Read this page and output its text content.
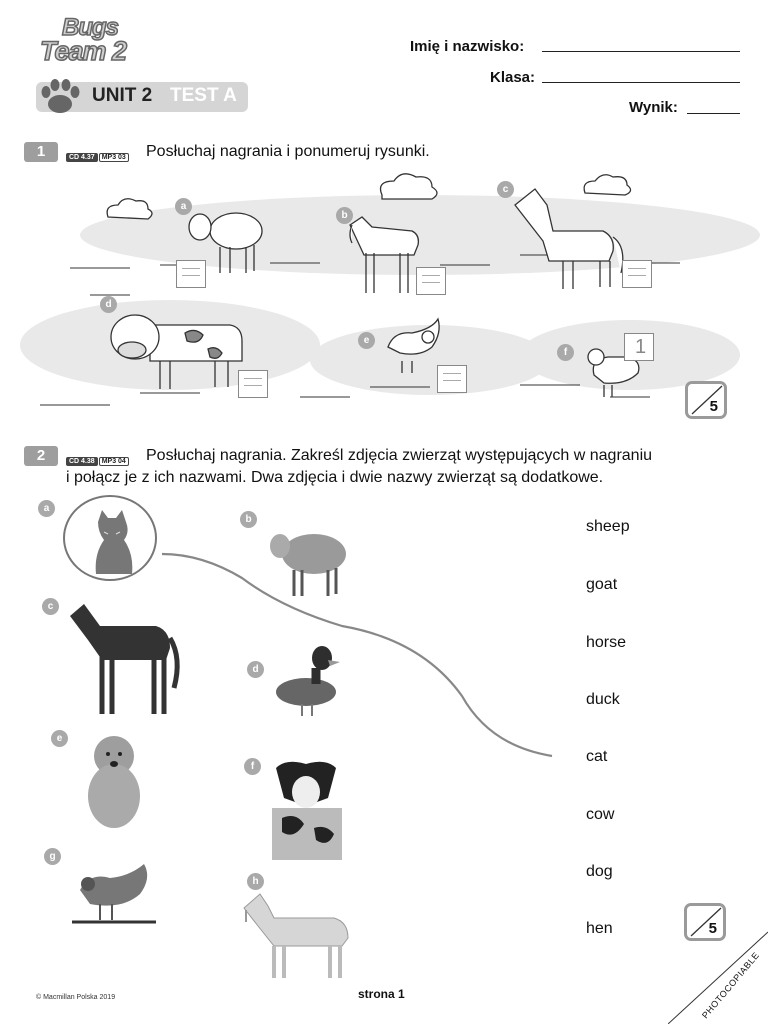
Bugs
Team 2
UNIT 2 TEST A
Imię i nazwisko:
Klasa:
Wynik:
1	CD 4.37 MP3 03 Posłuchaj nagrania i ponumeruj rysunki.
a
b
c
d
e
f	1
5
2	CD 4.38 MP3 04 Posłuchaj nagrania. Zakreśl zdjęcia zwierząt występujących w nagraniu
i połącz je z ich nazwami. Dwa zdjęcia i dwie nazwy zwierząt są dodatkowe.
a
b
c
d
e
f
g
h
sheep
goat
horse
duck
cat
cow
dog
hen	5
© Macmillan Polska 2019	strona 1	PHOTOCOPIABLE
